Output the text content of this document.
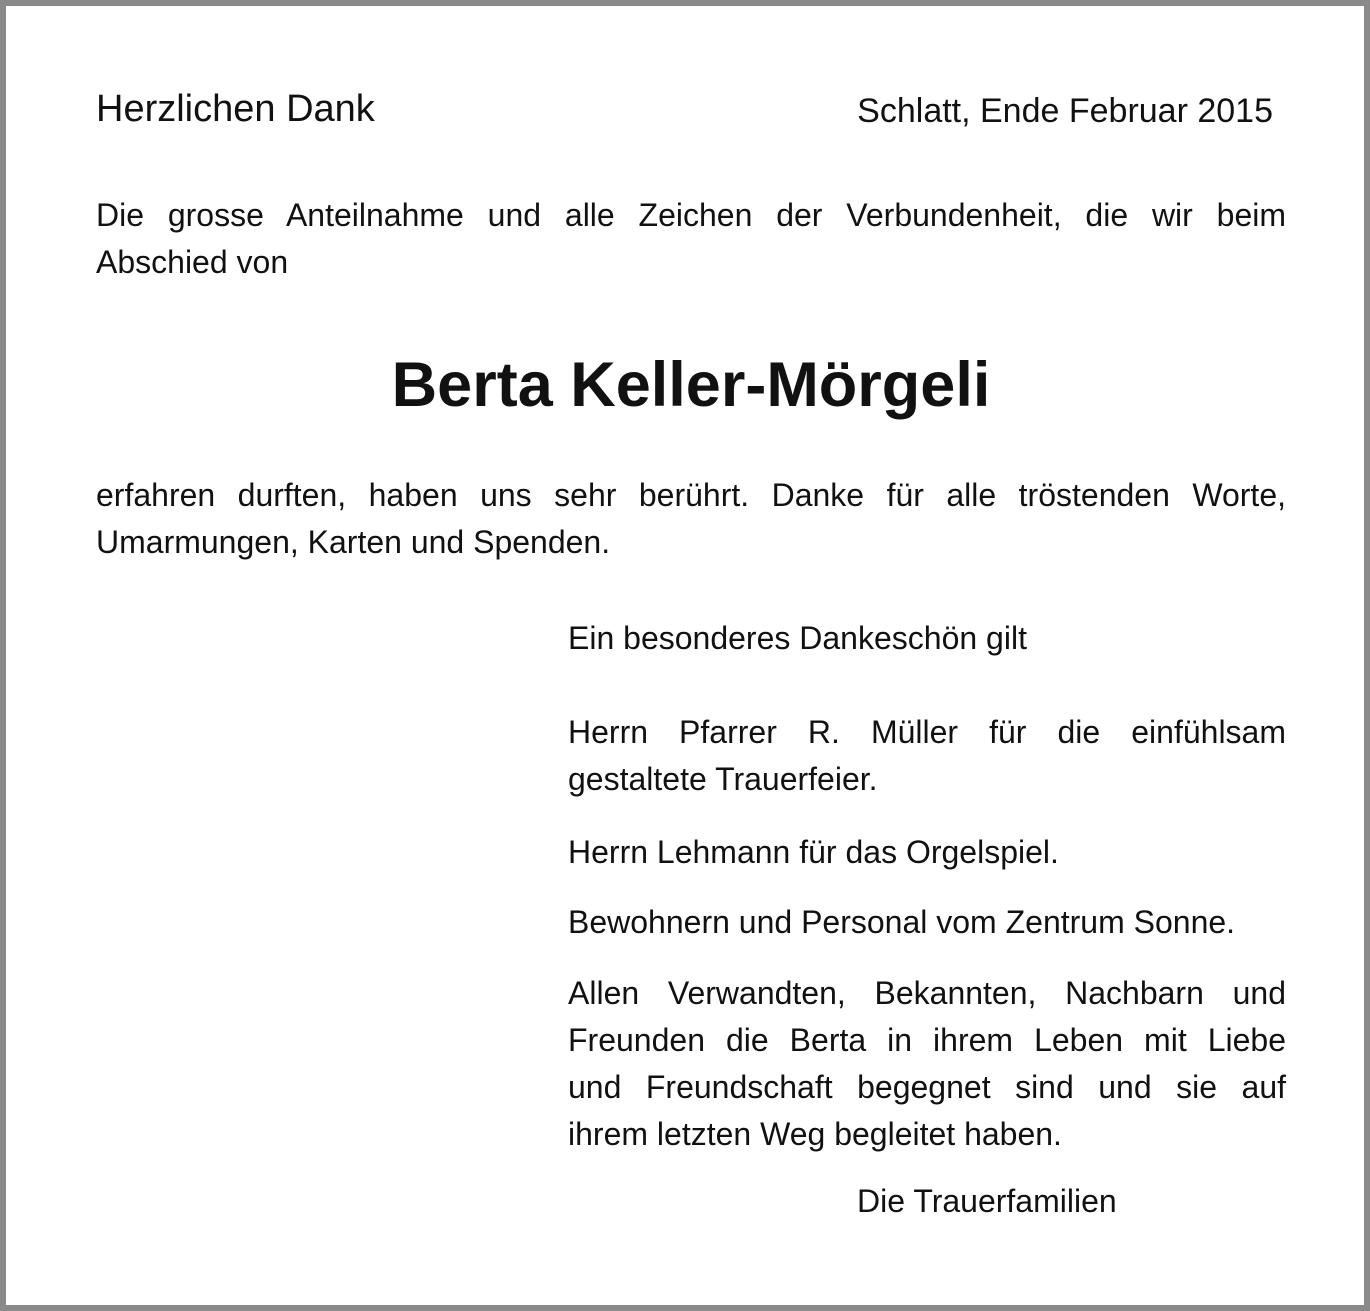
Herzlichen Dank	Schlatt, Ende Februar 2015
Die grosse Anteilnahme und alle Zeichen der Verbundenheit, die wir beim
Abschied von
Berta Keller-Mörgeli
erfahren durften, haben uns sehr berührt. Danke für alle tröstenden Worte,
Umarmungen, Karten und Spenden.
Ein besonderes Dankeschön gilt
Herrn Pfarrer R. Müller für die einfühlsam
gestaltete Trauerfeier.
Herrn Lehmann für das Orgelspiel.
Bewohnern und Personal vom Zentrum Sonne.
Allen Verwandten, Bekannten, Nachbarn und
Freunden die Berta in ihrem Leben mit Liebe
und Freundschaft begegnet sind und sie auf
ihrem letzten Weg begleitet haben.
Die Trauerfamilien
